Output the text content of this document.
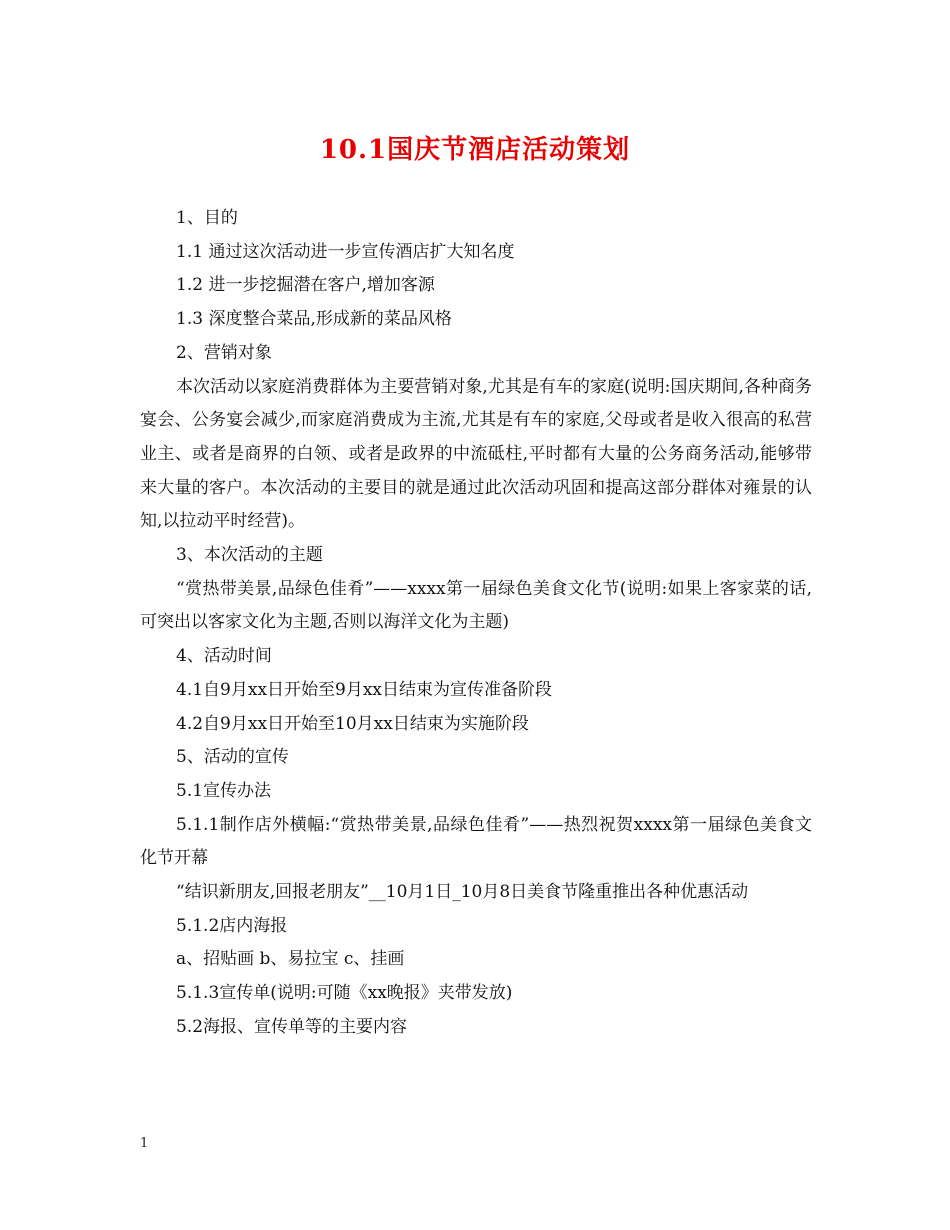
10.1国庆节酒店活动策划

1、目的

1.1 通过这次活动进一步宣传酒店扩大知名度

1.2 进一步挖掘潜在客户,增加客源

1.3 深度整合菜品,形成新的菜品风格

2、营销对象

本次活动以家庭消费群体为主要营销对象,尤其是有车的家庭(说明:国庆期间,各种商务宴会、公务宴会减少,而家庭消费成为主流,尤其是有车的家庭,父母或者是收入很高的私营业主、或者是商界的白领、或者是政界的中流砥柱,平时都有大量的公务商务活动,能够带来大量的客户。本次活动的主要目的就是通过此次活动巩固和提高这部分群体对雍景的认知,以拉动平时经营)。

3、本次活动的主题

“赏热带美景,品绿色佳肴”——xxxx第一届绿色美食文化节(说明:如果上客家菜的话,可突出以客家文化为主题,否则以海洋文化为主题)

4、活动时间

4.1自9月xx日开始至9月xx日结束为宣传准备阶段

4.2自9月xx日开始至10月xx日结束为实施阶段

5、活动的宣传

5.1宣传办法

5.1.1制作店外横幅:“赏热带美景,品绿色佳肴”——热烈祝贺xxxx第一届绿色美食文化节开幕

“结识新朋友,回报老朋友”__10月1日_10月8日美食节隆重推出各种优惠活动

5.1.2店内海报

a、招贴画 b、易拉宝 c、挂画

5.1.3宣传单(说明:可随《xx晚报》夹带发放)

5.2海报、宣传单等的主要内容

1
